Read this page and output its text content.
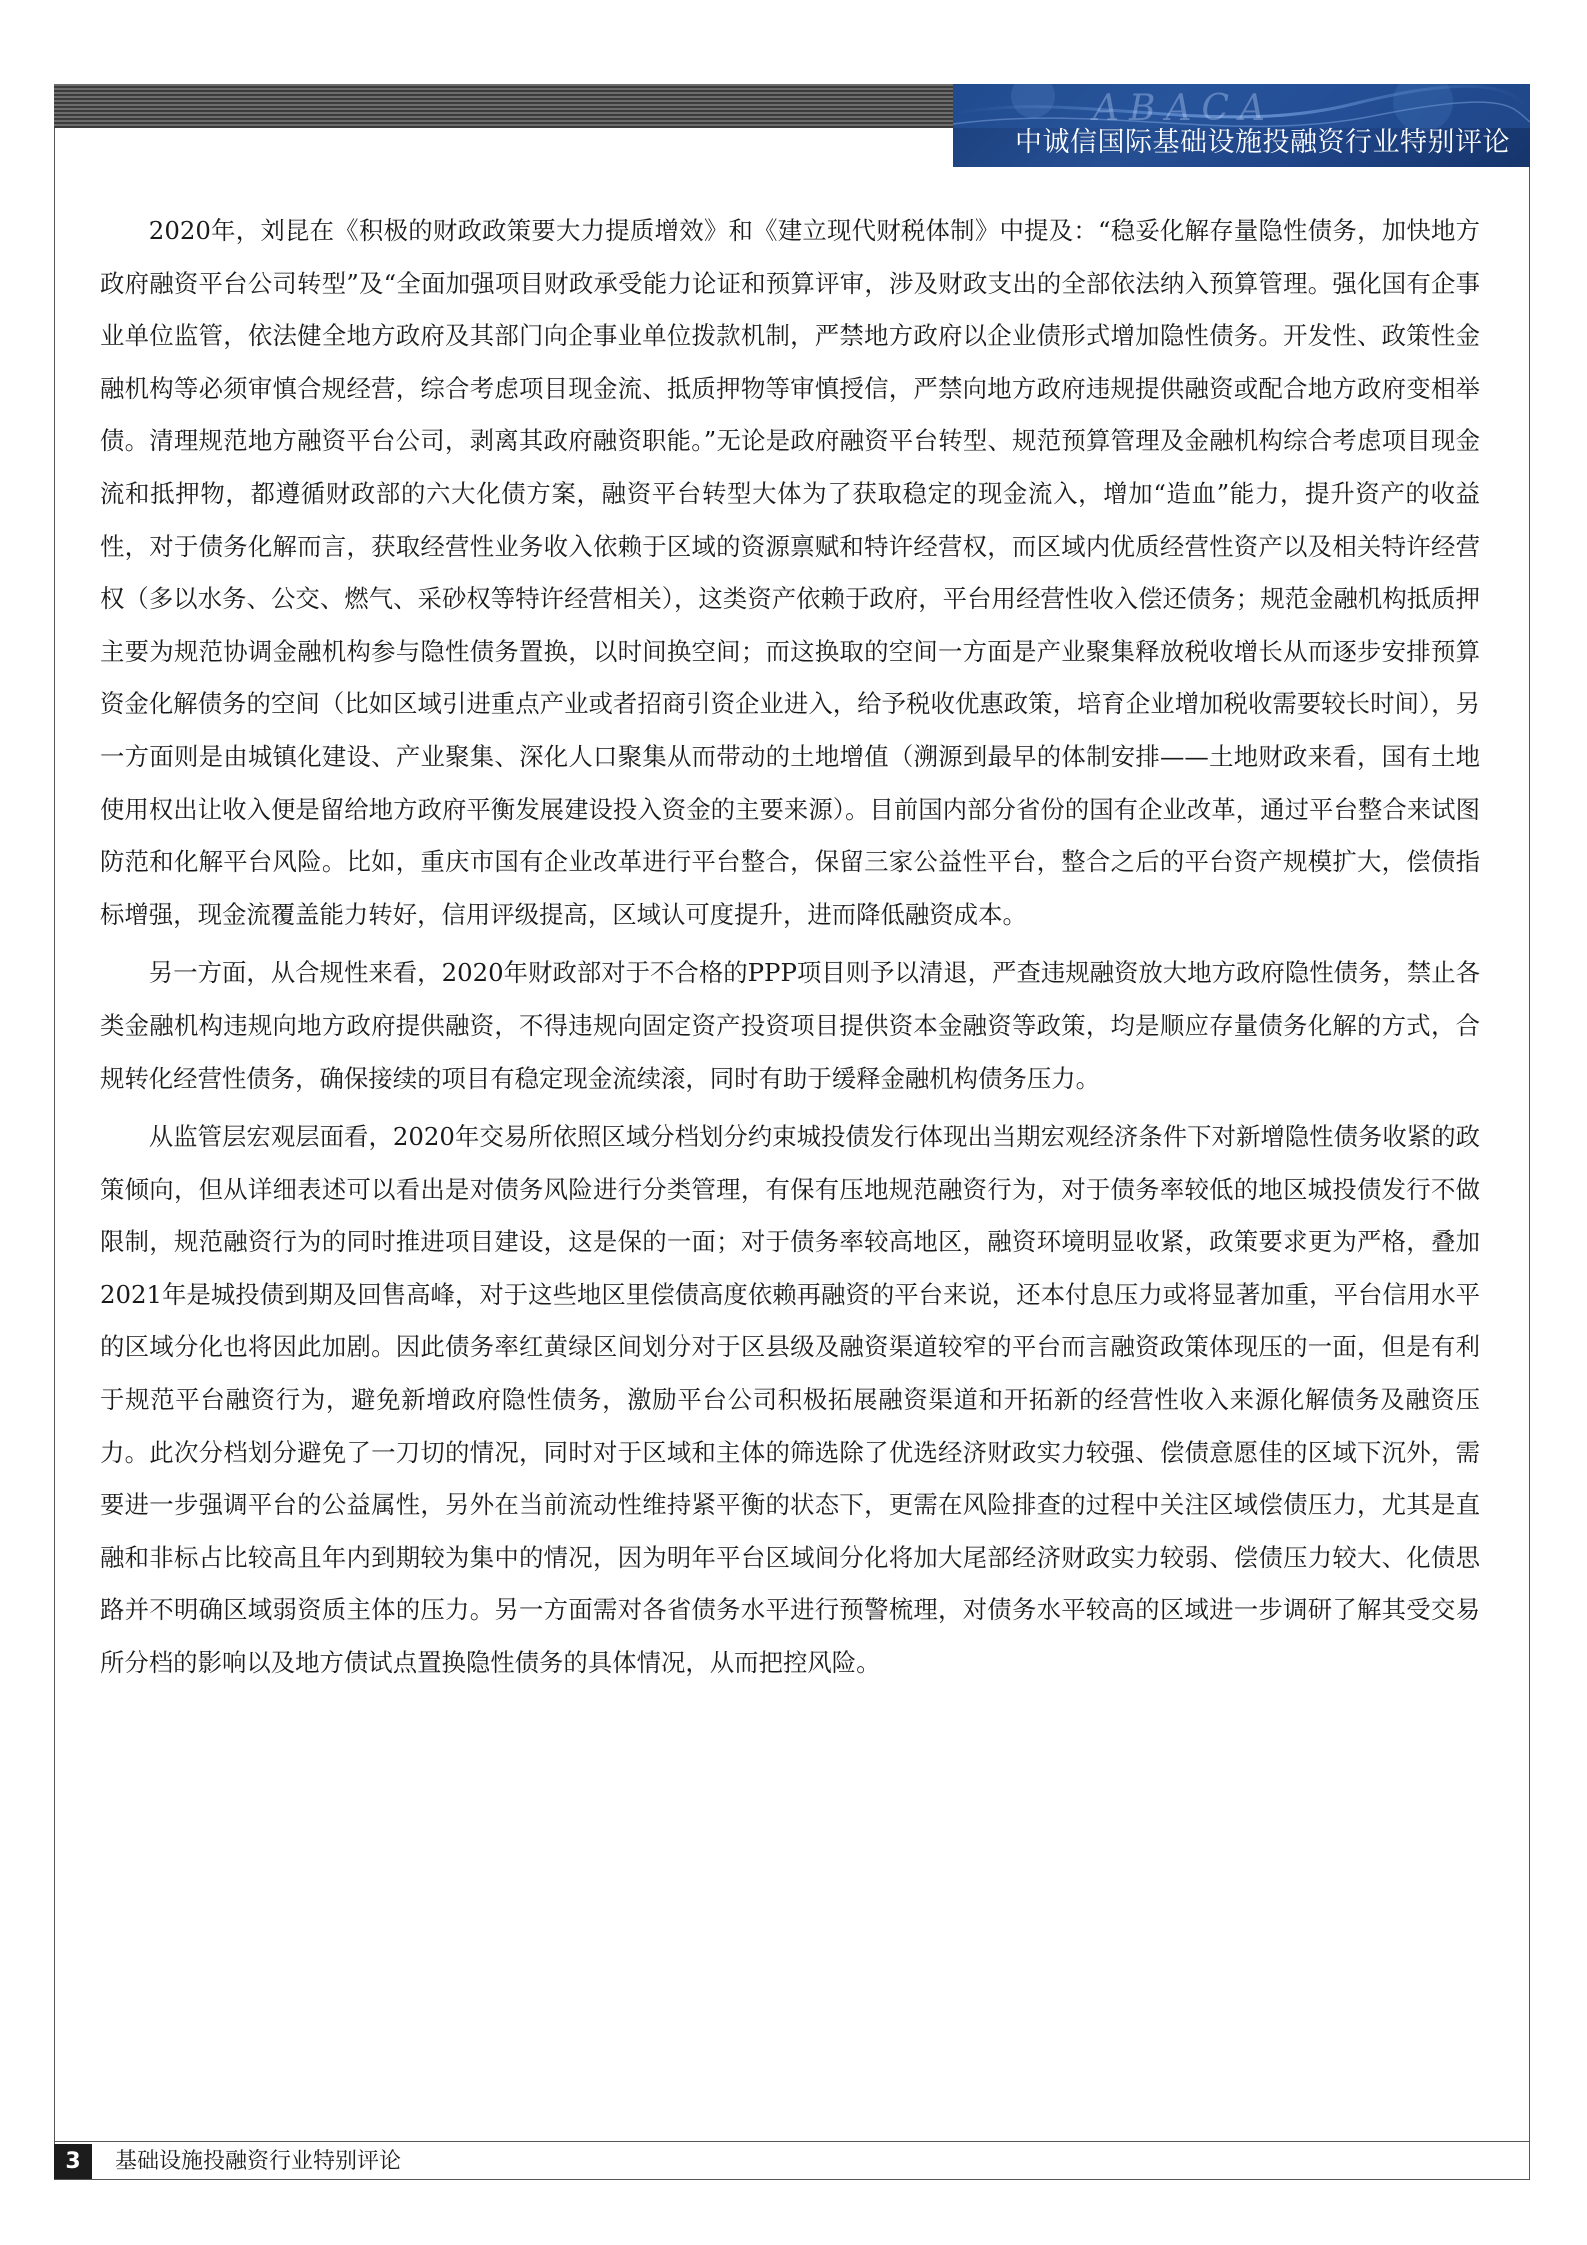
ABACA
中诚信国际基础设施投融资行业特别评论

2020年，刘昆在《积极的财政政策要大力提质增效》和《建立现代财税体制》中提及：“稳妥化解存量隐性债务，加快地方政府融资平台公司转型”及“全面加强项目财政承受能力论证和预算评审，涉及财政支出的全部依法纳入预算管理。强化国有企事业单位监管，依法健全地方政府及其部门向企事业单位拨款机制，严禁地方政府以企业债形式增加隐性债务。开发性、政策性金融机构等必须审慎合规经营，综合考虑项目现金流、抵质押物等审慎授信，严禁向地方政府违规提供融资或配合地方政府变相举债。清理规范地方融资平台公司，剥离其政府融资职能。”无论是政府融资平台转型、规范预算管理及金融机构综合考虑项目现金流和抵押物，都遵循财政部的六大化债方案，融资平台转型大体为了获取稳定的现金流入，增加“造血”能力，提升资产的收益性，对于债务化解而言，获取经营性业务收入依赖于区域的资源禀赋和特许经营权，而区域内优质经营性资产以及相关特许经营权（多以水务、公交、燃气、采砂权等特许经营相关），这类资产依赖于政府，平台用经营性收入偿还债务；规范金融机构抵质押主要为规范协调金融机构参与隐性债务置换，以时间换空间；而这换取的空间一方面是产业聚集释放税收增长从而逐步安排预算资金化解债务的空间（比如区域引进重点产业或者招商引资企业进入，给予税收优惠政策，培育企业增加税收需要较长时间），另一方面则是由城镇化建设、产业聚集、深化人口聚集从而带动的土地增值（溯源到最早的体制安排——土地财政来看，国有土地使用权出让收入便是留给地方政府平衡发展建设投入资金的主要来源）。目前国内部分省份的国有企业改革，通过平台整合来试图防范和化解平台风险。比如，重庆市国有企业改革进行平台整合，保留三家公益性平台，整合之后的平台资产规模扩大，偿债指标增强，现金流覆盖能力转好，信用评级提高，区域认可度提升，进而降低融资成本。

另一方面，从合规性来看，2020年财政部对于不合格的PPP项目则予以清退，严查违规融资放大地方政府隐性债务，禁止各类金融机构违规向地方政府提供融资，不得违规向固定资产投资项目提供资本金融资等政策，均是顺应存量债务化解的方式，合规转化经营性债务，确保接续的项目有稳定现金流续滚，同时有助于缓释金融机构债务压力。

从监管层宏观层面看，2020年交易所依照区域分档划分约束城投债发行体现出当期宏观经济条件下对新增隐性债务收紧的政策倾向，但从详细表述可以看出是对债务风险进行分类管理，有保有压地规范融资行为，对于债务率较低的地区城投债发行不做限制，规范融资行为的同时推进项目建设，这是保的一面；对于债务率较高地区，融资环境明显收紧，政策要求更为严格，叠加2021年是城投债到期及回售高峰，对于这些地区里偿债高度依赖再融资的平台来说，还本付息压力或将显著加重，平台信用水平的区域分化也将因此加剧。因此债务率红黄绿区间划分对于区县级及融资渠道较窄的平台而言融资政策体现压的一面，但是有利于规范平台融资行为，避免新增政府隐性债务，激励平台公司积极拓展融资渠道和开拓新的经营性收入来源化解债务及融资压力。此次分档划分避免了一刀切的情况，同时对于区域和主体的筛选除了优选经济财政实力较强、偿债意愿佳的区域下沉外，需要进一步强调平台的公益属性，另外在当前流动性维持紧平衡的状态下，更需在风险排查的过程中关注区域偿债压力，尤其是直融和非标占比较高且年内到期较为集中的情况，因为明年平台区域间分化将加大尾部经济财政实力较弱、偿债压力较大、化债思路并不明确区域弱资质主体的压力。另一方面需对各省债务水平进行预警梳理，对债务水平较高的区域进一步调研了解其受交易所分档的影响以及地方债试点置换隐性债务的具体情况，从而把控风险。

3	基础设施投融资行业特别评论
